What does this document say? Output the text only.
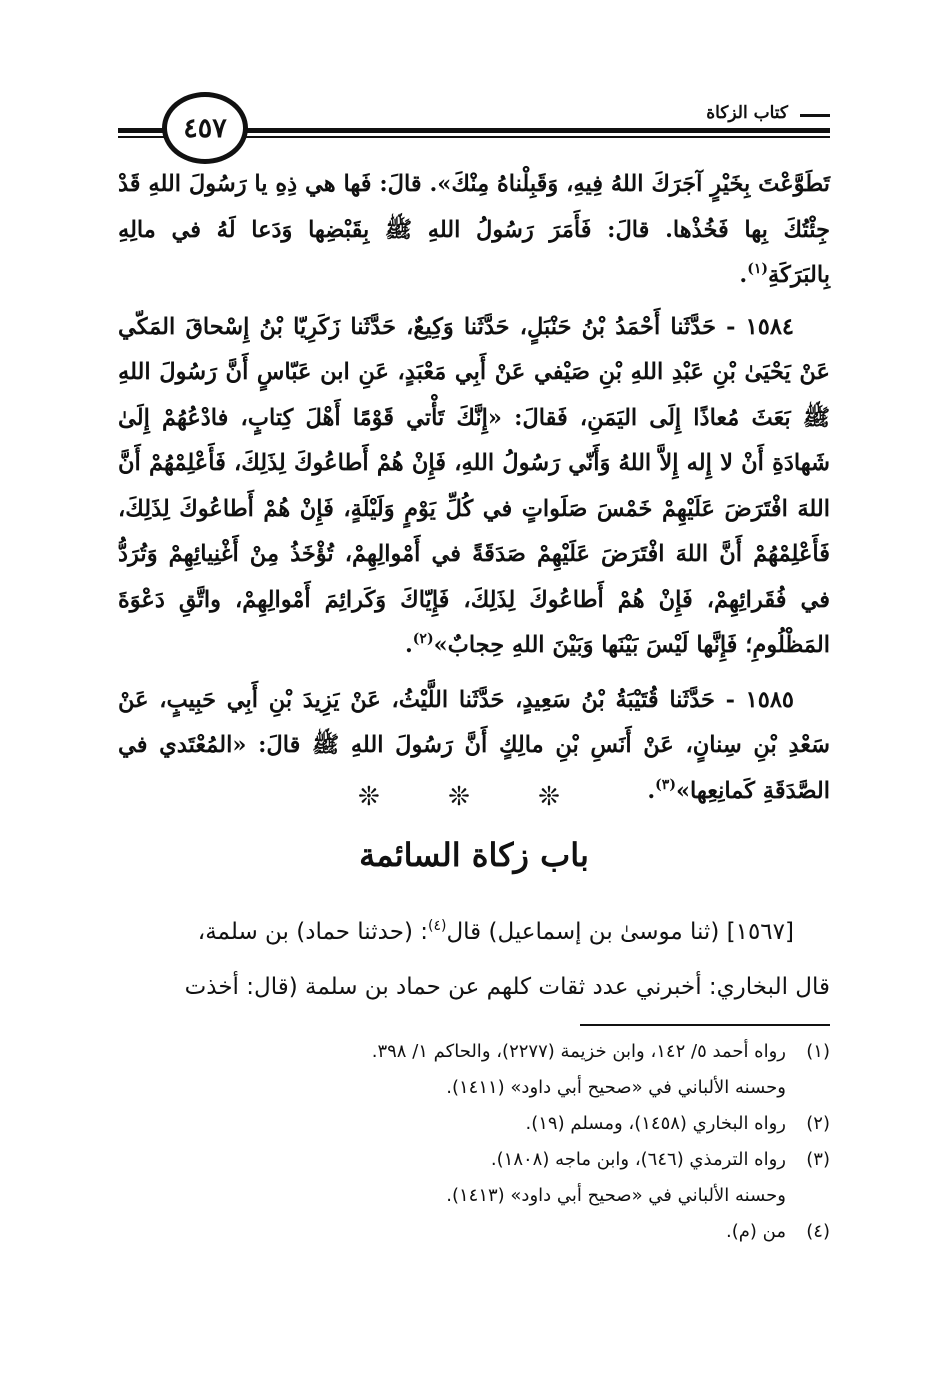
كتاب الزكاة
٤٥٧

تَطَوَّعْتَ بِخَيْرٍ آجَرَكَ اللهُ فِيهِ، وَقَبِلْناهُ مِنْكَ». قالَ: فَها هي ذِهِ يا رَسُولَ اللهِ قَدْ جِئْتُكَ بِها فَخُذْها. قالَ: فَأَمَرَ رَسُولُ اللهِ ﷺ بِقَبْضِها وَدَعا لَهُ في مالِهِ بِالبَرَكَةِ$^{(١)}$.

١٥٨٤ - حَدَّثَنا أَحْمَدُ بْنُ حَنْبَلٍ، حَدَّثَنا وَكِيعٌ، حَدَّثَنا زَكَرِيّا بْنُ إِسْحاقَ المَكّي عَنْ يَحْيَىٰ بْنِ عَبْدِ اللهِ بْنِ صَيْفي عَنْ أَبِي مَعْبَدٍ، عَنِ ابن عَبّاسٍ أَنَّ رَسُولَ اللهِ ﷺ بَعَثَ مُعاذًا إِلَى اليَمَنِ، فَقالَ: «إِنَّكَ تَأْتي قَوْمًا أَهْلَ كِتابٍ، فادْعُهُمْ إِلَىٰ شَهادَةِ أَنْ لا إِله إِلاَّ اللهُ وَأَنّي رَسُولُ اللهِ، فَإِنْ هُمْ أَطاعُوكَ لِذَلِكَ، فَأَعْلِمْهُمْ أَنَّ اللهَ افْتَرَضَ عَلَيْهِمْ خَمْسَ صَلَواتٍ في كُلِّ يَوْمٍ وَلَيْلَةٍ، فَإِنْ هُمْ أَطاعُوكَ لِذَلِكَ، فَأَعْلِمْهُمْ أَنَّ اللهَ افْتَرَضَ عَلَيْهِمْ صَدَقَةً في أَمْوالِهِمْ، تُؤْخَذُ مِنْ أَغْنِيائِهِمْ وَتُرَدُّ في فُقَرائِهِمْ، فَإِنْ هُمْ أَطاعُوكَ لِذَلِكَ، فَإِيّاكَ وَكَرائِمَ أَمْوالِهِمْ، واتَّقِ دَعْوَةَ المَظْلُومِ؛ فَإِنَّها لَيْسَ بَيْنَها وَبَيْنَ اللهِ حِجابٌ»$^{(٢)}$.

١٥٨٥ - حَدَّثَنا قُتَيْبَةُ بْنُ سَعِيدٍ، حَدَّثَنا اللَّيْثُ، عَنْ يَزِيدَ بْنِ أَبِي حَبِيبٍ، عَنْ سَعْدِ بْنِ سِنانٍ، عَنْ أَنَسِ بْنِ مالِكٍ أَنَّ رَسُولَ اللهِ ﷺ قالَ: «المُعْتَدي في الصَّدَقَةِ كَمانِعِها»$^{(٣)}$.

❊ ❊ ❊
باب زكاة السائمة

[١٥٦٧] (ثنا موسىٰ بن إسماعيل) قال$^{(٤)}$: (حدثنا حماد) بن سلمة،

قال البخاري: أخبرني عدد ثقات كلهم عن حماد بن سلمة (قال: أخذت

(١)رواه أحمد ٥/ ١٤٢، وابن خزيمة (٢٢٧٧)، والحاكم ١/ ٣٩٨.
وحسنه الألباني في «صحيح أبي داود» (١٤١١).
(٢)رواه البخاري (١٤٥٨)، ومسلم (١٩).
(٣)رواه الترمذي (٦٤٦)، وابن ماجه (١٨٠٨).
وحسنه الألباني في «صحيح أبي داود» (١٤١٣).
(٤)من (م).
